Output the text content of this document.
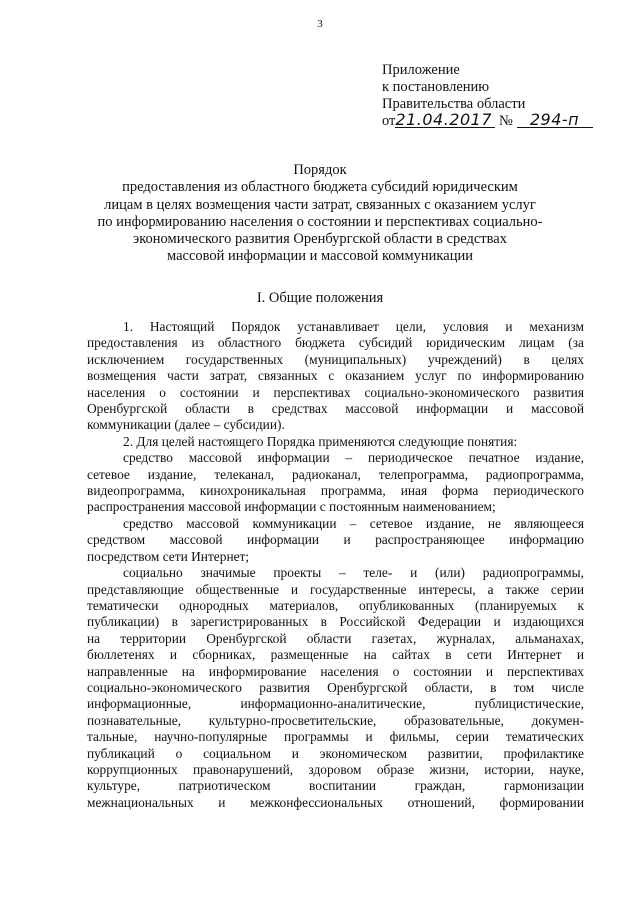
3
Приложение
к постановлению
Правительства области
от21.04.2017 № 294-п
Порядок
предоставления из областного бюджета субсидий юридическим
лицам в целях возмещения части затрат, связанных с оказанием услуг
по информированию населения о состоянии и перспективах социально-
экономического развития Оренбургской области в средствах
массовой информации и массовой коммуникации
I. Общие положения

1. Настоящий Порядок устанавливает цели, условия и механизм

предоставления из областного бюджета субсидий юридическим лицам (за

исключением государственных (муниципальных) учреждений) в целях

возмещения части затрат, связанных с оказанием услуг по информированию

населения о состоянии и перспективах социально-экономического развития

Оренбургской области в средствах массовой информации и массовой

коммуникации (далее – субсидии).

2. Для целей настоящего Порядка применяются следующие понятия:

средство массовой информации – периодическое печатное издание,

сетевое издание, телеканал, радиоканал, телепрограмма, радиопрограмма,

видеопрограмма, кинохроникальная программа, иная форма периодического

распространения массовой информации с постоянным наименованием;

средство массовой коммуникации – сетевое издание, не являющееся

средством массовой информации и распространяющее информацию

посредством сети Интернет;

социально значимые проекты – теле- и (или) радиопрограммы,

представляющие общественные и государственные интересы, а также серии

тематически однородных материалов, опубликованных (планируемых к

публикации) в зарегистрированных в Российской Федерации и издающихся

на территории Оренбургской области газетах, журналах, альманахах,

бюллетенях и сборниках, размещенные на сайтах в сети Интернет и

направленные на информирование населения о состоянии и перспективах

социально-экономического развития Оренбургской области, в том числе

информационные, информационно-аналитические, публицистические,

познавательные, культурно-просветительские, образовательные, докумен-

тальные, научно-популярные программы и фильмы, серии тематических

публикаций о социальном и экономическом развитии, профилактике

коррупционных правонарушений, здоровом образе жизни, истории, науке,

культуре, патриотическом воспитании граждан, гармонизации

межнациональных и межконфессиональных отношений, формировании
